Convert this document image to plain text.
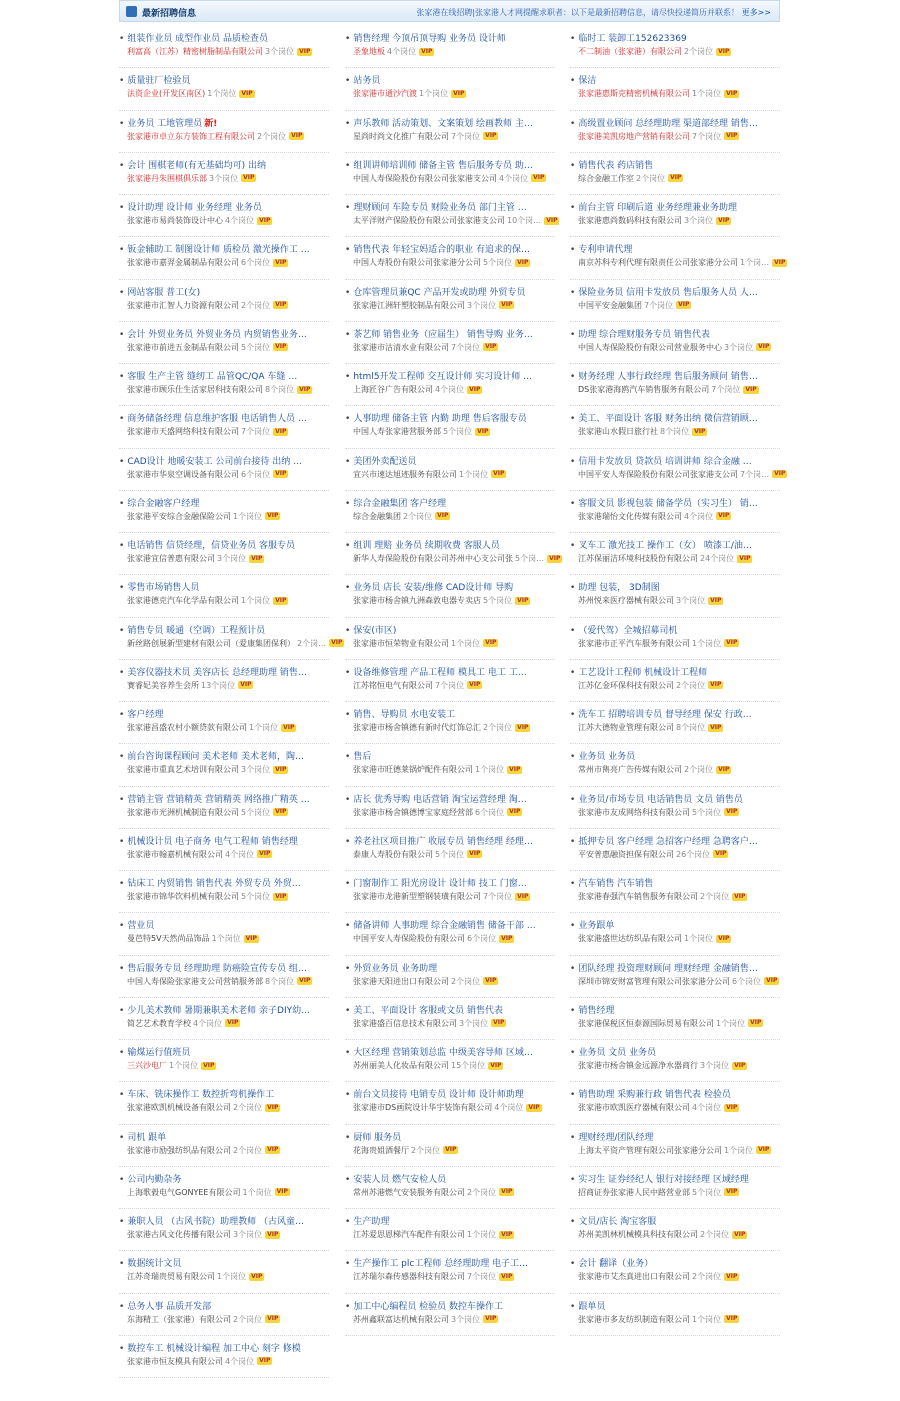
最新招聘信息	张家港在线招聘|张家港人才网提醒求职者：以下是最新招聘信息，请尽快投递简历并联系！ 更多>>
• 组装作业员 成型作业员 品质检查员
利富高（江苏）精密树脂制品有限公司 3个岗位 VIP
• 质量驻厂检验员
法资企业(开发区南区) 1个岗位 VIP
• 业务员 工地管理员 新!
张家港市卓立东方装饰工程有限公司 2个岗位 VIP
• 会计 围棋老师(有无基础均可) 出纳
张家港丹朱围棋俱乐部 3个岗位 VIP
• 设计助理 设计师 业务经理 业务员
张家港市易尚装饰设计中心 4个岗位 VIP
• 钣金辅助工 制图设计师 质检员 激光操作工 …
张家港市嘉羿金属制品有限公司 6个岗位 VIP
• 网站客服 普工(女)
张家港市汇智人力资源有限公司 2个岗位 VIP
• 会计 外贸业务员 外贸业务员 内贸销售业务…
张家港市前进五金制品有限公司 5个岗位 VIP
• 客服 生产主管 缝纫工 品管QC/QA 车缝 …
张家港市顾乐仕生活家居科技有限公司 8个岗位 VIP
• 商务储备经理 信息维护客服 电话销售人员 …
张家港市天盛网络科技有限公司 7个岗位 VIP
• CAD设计 地暖安装工 公司前台接待 出纳 …
张家港市华泉空调设备有限公司 6个岗位 VIP
• 综合金融客户经理
张家港平安综合金融保险公司 1个岗位 VIP
• 电话销售 信贷经理，信贷业务员 客服专员
张家港宜信普惠有限公司 3个岗位 VIP
• 零售市场销售人员
张家港德克汽车化学品有限公司 1个岗位 VIP
• 销售专员 暖通（空调）工程预计员
新丝路创展新型建材有限公司（爱康集团保利） 2个岗… VIP
• 美容仪器技术员 美容店长 总经理助理 销售…
赛睿妃美容养生会所 13个岗位 VIP
• 客户经理
张家港昌盛农村小额贷款有限公司 1个岗位 VIP
• 前台咨询课程顾问 美术老师 美术老师，陶…
张家港市重真艺术培训有限公司 3个岗位 VIP
• 营销主管 营销精英 营销精英 网络推广精英 …
张家港市光洲机械制造有限公司 5个岗位 VIP
• 机械设计员 电子商务 电气工程师 销售经理
张家港市翰嘉机械有限公司 4个岗位 VIP
• 钻床工 内贸销售 销售代表 外贸专员 外贸…
张家港市锦华饮料机械有限公司 5个岗位 VIP
• 营业员
曼芭特5V天然尚品饰品 1个岗位 VIP
• 售后服务专员 经理助理 防癌险宣传专员 组…
中国人寿保险张家港支公司营销服务部 8个岗位 VIP
• 少儿美术教师 暑期兼职美术老师 亲子DIY幼…
简艺艺术教育学校 4个岗位 VIP
• 输煤运行值班员
三兴沙电厂 1个岗位 VIP
• 车床、铣床操作工 数控折弯机操作工
张家港欧凯机械设备有限公司 2个岗位 VIP
• 司机 跟单
张家港市励强纺织品有限公司 2个岗位 VIP
• 公司内勤杂务
上海歌毅电气GONYEE有限公司 1个岗位 VIP
• 兼职人员 （古风书院）助理教师 （古风童…
张家港古风文化传播有限公司 3个岗位 VIP
• 数据统计文员
江苏奇瑞贵贸易有限公司 1个岗位 VIP
• 总务人事 品质开发部
东海精工（张家港）有限公司 2个岗位 VIP
• 数控车工 机械设计编程 加工中心 刻字 修模
张家港市恒友模具有限公司 4个岗位 VIP
• 销售经理 今顶吊顶导购 业务员 设计师
圣象地板 4个岗位 VIP
• 站务员
张家港市通沙汽渡 1个岗位 VIP
• 声乐教师 活动策划、文案策划 绘画教师 主…
星尚时尚文化推广有限公司 7个岗位 VIP
• 组训讲师培训师 储备主管 售后服务专员 助…
中国人寿保险股份有限公司张家港支公司 4个岗位 VIP
• 理财顾问 车险专员 财险业务员 部门主管 …
太平洋财产保险股份有限公司张家港支公司 10个岗… VIP
• 销售代表 年轻宝妈适合的职业 有追求的保…
中国人寿股份有限公司张家港分公司 5个岗位 VIP
• 仓库管理员兼QC 产品开发或助理 外贸专员
张家港江洲轩塑胶制品有限公司 3个岗位 VIP
• 茶艺师 销售业务（应届生） 销售导购 业务…
张家港市沽清水业有限公司 7个岗位 VIP
• html5开发工程师 交互设计师 实习设计师 …
上海匠谷广告有限公司 4个岗位 VIP
• 人事助理 储备主管 内勤 助理 售后客服专员
中国人寿张家港营服务部 5个岗位 VIP
• 美团外卖配送员
宜兴市速达旭迹服务有限公司 1个岗位 VIP
• 综合金融集团 客户经理
综合金融集团 2个岗位 VIP
• 组训 理赔 业务员 续期收费 客服人员
新华人寿保险股份有限公司苏州中心支公司张 5个岗… VIP
• 业务员 店长 安装/维修 CAD设计师 导购
张家港市杨舍镇九洲森敦电器专卖店 5个岗位 VIP
• 保安(市区)
张家港市恒荣物业有限公司 1个岗位 VIP
• 设备维修管理 产品工程师 模具工 电工 工…
江苏铭恒电气有限公司 7个岗位 VIP
• 销售、导购员 水电安装工
张家港市杨舍镇德有新时代灯饰总汇 2个岗位 VIP
• 售后
张家港市旺德莱锅炉配件有限公司 1个岗位 VIP
• 店长 优秀导购 电话营销 淘宝运营经理 淘…
张家港市杨舍镇德博宝家庭经营部 6个岗位 VIP
• 养老社区项目推广 收展专员 销售经理 经理…
泰康人寿股份有限公司 5个岗位 VIP
• 门窗制作工 阳光房设计 设计师 技工 门窗…
张家港市龙港新型塑钢装璜有限公司 7个岗位 VIP
• 储备讲师 人事助理 综合金融销售 储备干部 …
中国平安人寿保险股份有限公司 6个岗位 VIP
• 外贸业务员 业务助理
张家港天阳进出口有限公司 2个岗位 VIP
• 美工、平面设计 客服或文员 销售代表
张家港盛百信息技术有限公司 3个岗位 VIP
• 大区经理 营销策划总监 中级美容导师 区域…
苏州丽美人化妆品有限公司 15个岗位 VIP
• 前台文员接待 电销专员 设计师 设计师助理
张家港市DS画院设计华宇装饰有限公司 4个岗位 VIP
• 厨师 服务员
花海贵姐酒餐厅 2个岗位 VIP
• 安装人员 燃气安检人员
常州苏港燃气安装服务有限公司 2个岗位 VIP
• 生产助理
江苏爱思恩梯汽车配件有限公司 1个岗位 VIP
• 生产操作工 plc工程师 总经理助理 电子工…
江苏瑞尔森传感器科技有限公司 7个岗位 VIP
• 加工中心编程员 检验员 数控车操作工
苏州鑫联富达机械有限公司 3个岗位 VIP
• 临时工 装卸工152623369
不二制油（张家港）有限公司 2个岗位 VIP
• 保洁
张家港惠斯克精密机械有限公司 1个岗位 VIP
• 高级置业顾问 总经理助理 渠道部经理 销售…
张家港美凯房地产营销有限公司 7个岗位 VIP
• 销售代表 药店销售
综合金融工作室 2个岗位 VIP
• 前台主管 印刷后道 业务经理兼业务助理
张家港惠尚数码科技有限公司 3个岗位 VIP
• 专利申请代理
南京苏科专利代理有限责任公司张家港分公司 1个岗… VIP
• 保险业务员 信用卡发放员 售后服务人员 人…
中国平安金融集团 7个岗位 VIP
• 助理 综合理财服务专员 销售代表
中国人寿保险股份有限公司营业服务中心 3个岗位 VIP
• 财务经理 人事行政经理 售后服务顾问 销售…
DS张家港海鸥汽车销售服务有限公司 7个岗位 VIP
• 美工、平面设计 客服 财务出纳 微信营销顾…
张家港山水假日旅行社 8个岗位 VIP
• 信用卡发放员 贷款员 培训讲师 综合金融 …
中国平安人寿保险股份有限公司张家港支公司 7个岗… VIP
• 客服文员 影视包装 储备学员（实习生） 销…
张家港瑞怡文化传媒有限公司 4个岗位 VIP
• 叉车工 激光技工 操作工（女） 喷漆工/油…
江苏保丽洁环境科技股份有限公司 24个岗位 VIP
• 助理 包装， 3D制图
苏州悦来医疗器械有限公司 3个岗位 VIP
• （爱代驾）全城招募司机
张家港市正平汽车服务有限公司 1个岗位 VIP
• 工艺设计工程师 机械设计工程师
江苏亿金环保科技有限公司 2个岗位 VIP
• 洗车工 招聘培训专员 督导经理 保安 行政…
江苏大德物业管理有限公司 8个岗位 VIP
• 业务员 业务员
常州市雋亮广告传媒有限公司 2个岗位 VIP
• 业务员/市场专员 电话销售员 文员 销售员
张家港市友成网络科技有限公司 5个岗位 VIP
• 抵押专员 客户经理 急招客户经理 急聘客户…
平安普惠融资担保有限公司 26个岗位 VIP
• 汽车销售 汽车销售
张家港春强汽车销售服务有限公司 2个岗位 VIP
• 业务跟单
张家港盛世达纺织品有限公司 1个岗位 VIP
• 团队经理 投资理财顾问 理财经理 金融销售…
深圳市锦安财富管理有限公司张家港分公司 6个岗位 VIP
• 销售经理
张家港保税区恒泰源国际贸易有限公司 1个岗位 VIP
• 业务员 文员 业务员
张家港市杨舍镇金远源净水器商行 3个岗位 VIP
• 销售助理 采购兼行政 销售代表 检验员
张家港市欧凯医疗器械有限公司 4个岗位 VIP
• 理财经理/团队经理
上海太平资产管理有限公司张家港分公司 1个岗位 VIP
• 实习生 证券经纪人 银行对接经理 区域经理
招商证券张家港人民中路营业部 5个岗位 VIP
• 文员/店长 淘宝客服
苏州美凯林机械模具科技有限公司 2个岗位 VIP
• 会计 翻译（业务）
张家港市艾杰真进出口有限公司 2个岗位 VIP
• 跟单员
张家港市多友纺织制造有限公司 1个岗位 VIP
